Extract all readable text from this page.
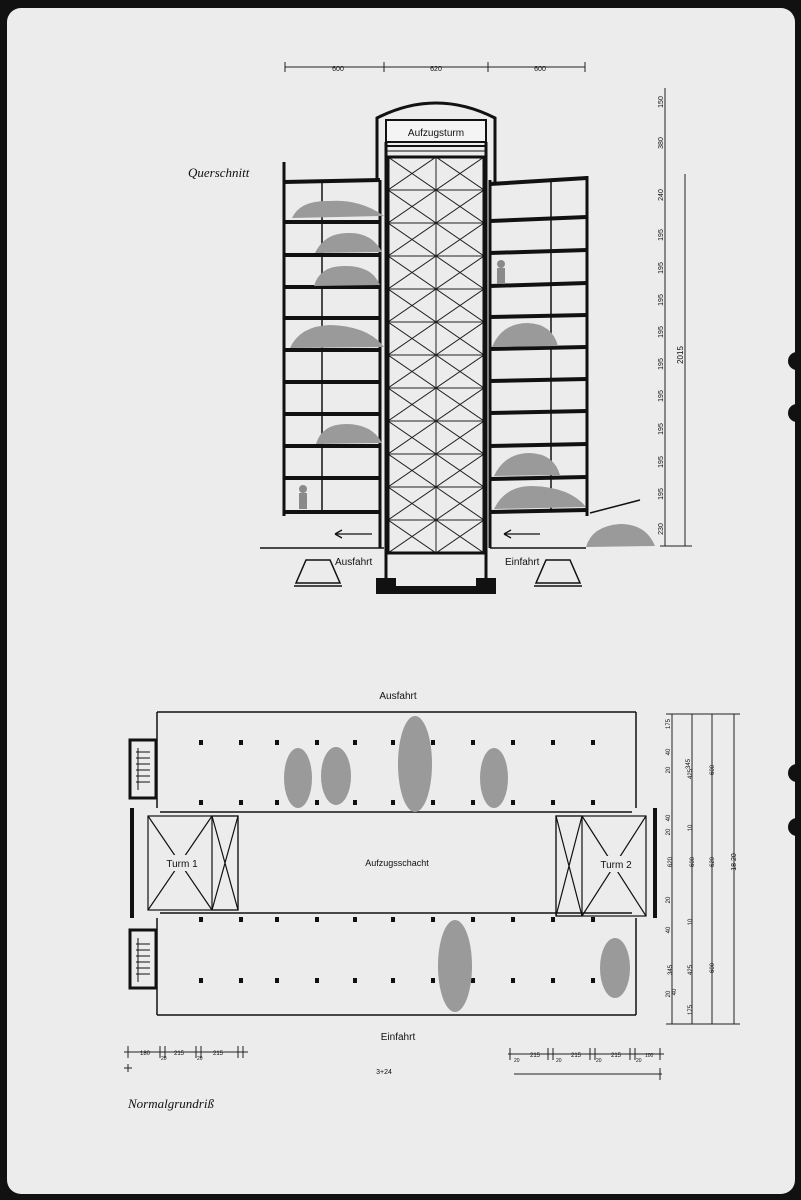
Querschnitt
600	620	600
Aufzugsturm
Ausfahrt	Einfahrt
150
380
240
195
195
195
195
195
195
195
195
195
230
2015
Ausfahrt
Einfahrt
Turm 1	Turm 2
Aufzugsschacht
175
40
20
345
40
20
620
20
40
345
20 40
175
425
10
600
10
425
600
620
600
18 20
180
20
215
20
215
20
215
20
215
20
215
20
100
3+24
Normalgrundriß
